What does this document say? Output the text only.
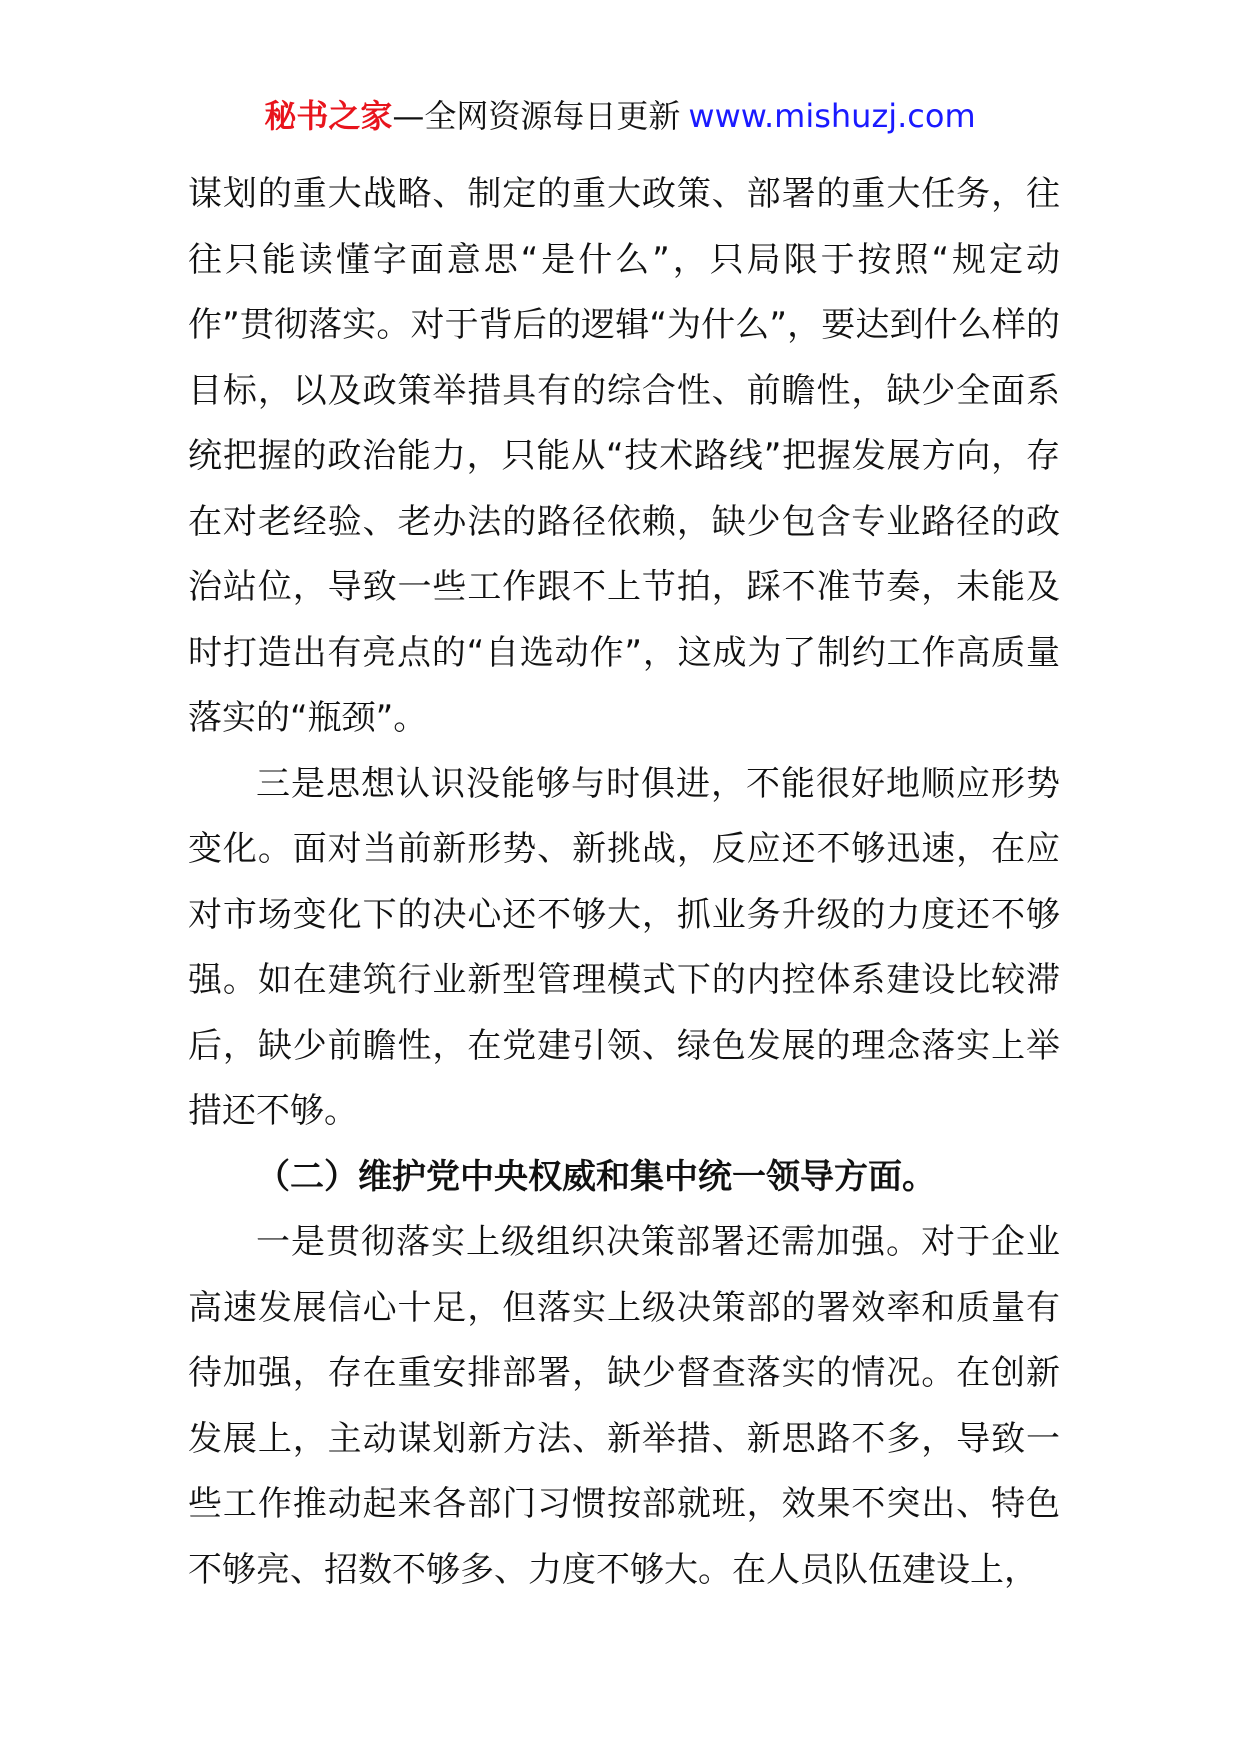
秘书之家—全网资源每日更新 www.mishuzj.com

谋划的重大战略、制定的重大政策、部署的重大任务，往往只能读懂字面意思“是什么”，只局限于按照“规定动作”贯彻落实。对于背后的逻辑“为什么”，要达到什么样的目标，以及政策举措具有的综合性、前瞻性，缺少全面系统把握的政治能力，只能从“技术路线”把握发展方向，存在对老经验、老办法的路径依赖，缺少包含专业路径的政治站位，导致一些工作跟不上节拍，踩不准节奏，未能及时打造出有亮点的“自选动作”，这成为了制约工作高质量落实的“瓶颈”。

三是思想认识没能够与时俱进，不能很好地顺应形势变化。面对当前新形势、新挑战，反应还不够迅速，在应对市场变化下的决心还不够大，抓业务升级的力度还不够强。如在建筑行业新型管理模式下的内控体系建设比较滞后，缺少前瞻性，在党建引领、绿色发展的理念落实上举措还不够。

（二）维护党中央权威和集中统一领导方面。

一是贯彻落实上级组织决策部署还需加强。对于企业高速发展信心十足，但落实上级决策部的署效率和质量有待加强，存在重安排部署，缺少督查落实的情况。在创新发展上，主动谋划新方法、新举措、新思路不多，导致一些工作推动起来各部门习惯按部就班，效果不突出、特色不够亮、招数不够多、力度不够大。在人员队伍建设上，
